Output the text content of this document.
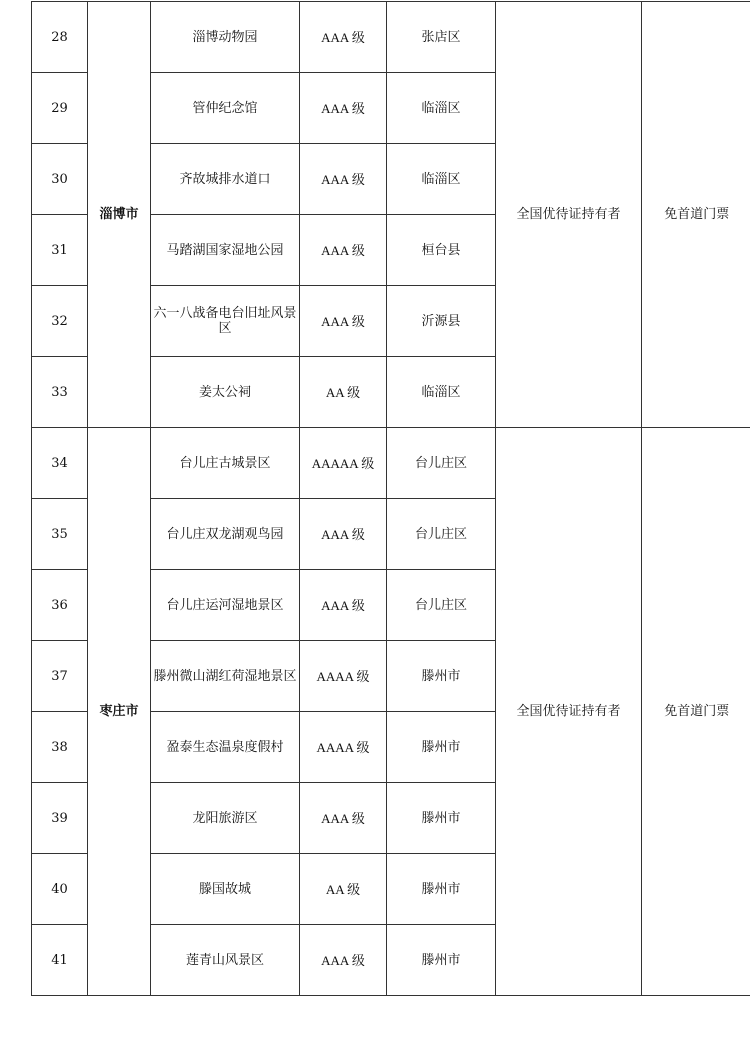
28	淄博市	淄博动物园	AAA 级	张店区	全国优待证持有者	免首道门票
29		管仲纪念馆	AAA 级	临淄区		
30		齐故城排水道口	AAA 级	临淄区		
31		马踏湖国家湿地公园	AAA 级	桓台县		
32		六一八战备电台旧址风景区	AAA 级	沂源县		
33		姜太公祠	AA 级	临淄区		
34	枣庄市	台儿庄古城景区	AAAAA 级	台儿庄区	全国优待证持有者	免首道门票
35		台儿庄双龙湖观鸟园	AAA 级	台儿庄区		
36		台儿庄运河湿地景区	AAA 级	台儿庄区		
37		滕州微山湖红荷湿地景区	AAAA 级	滕州市		
38		盈泰生态温泉度假村	AAAA 级	滕州市		
39		龙阳旅游区	AAA 级	滕州市		
40		滕国故城	AA 级	滕州市		
41		莲青山风景区	AAA 级	滕州市		
